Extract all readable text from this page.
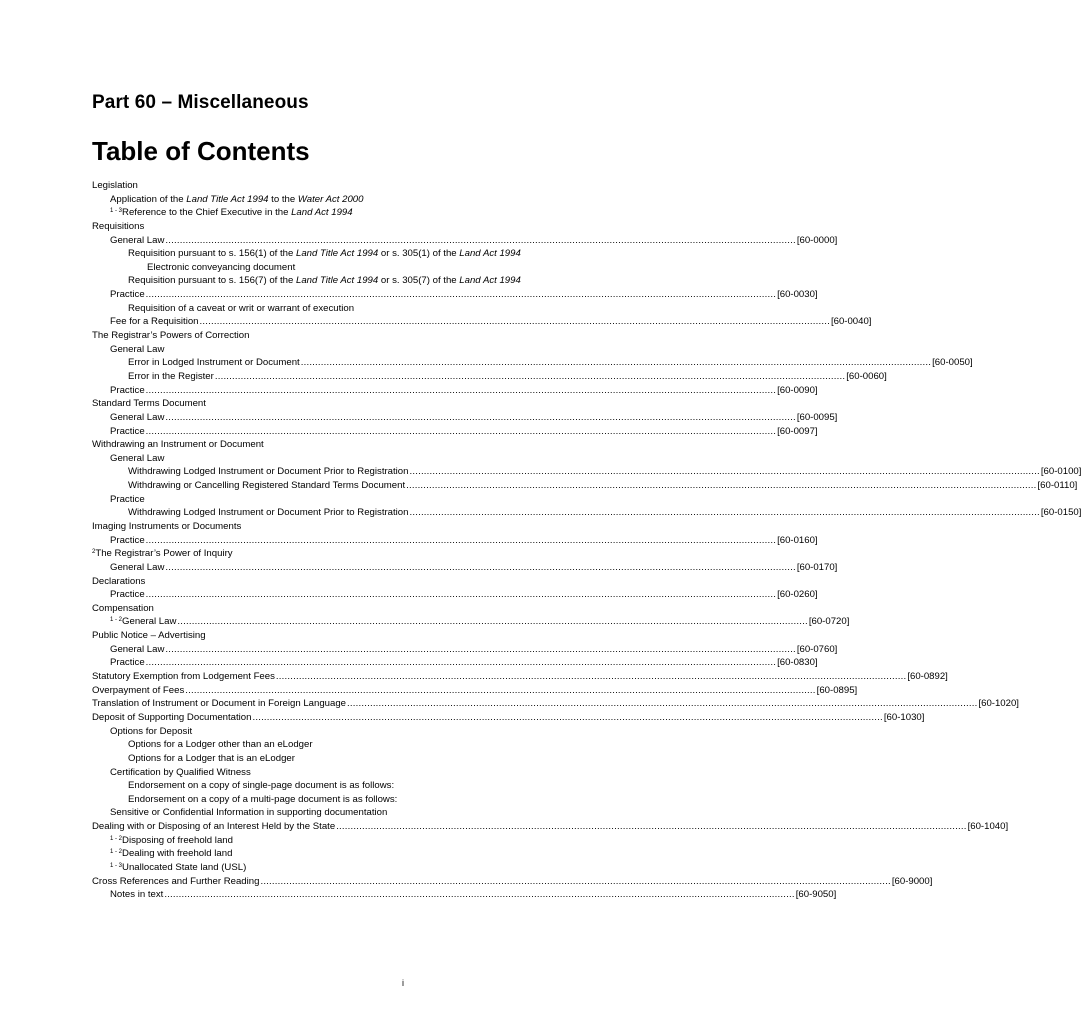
Part 60 – Miscellaneous
Table of Contents
Legislation
Application of the Land Title Act 1994 to the Water Act 2000
$^{1 - 3}$Reference to the Chief Executive in the Land Act 1994
Requisitions
General Law ............................................................................................................................................................................................................................ [60-0000]
Requisition pursuant to s. 156(1) of the Land Title Act 1994 or s. 305(1) of the Land Act 1994
Electronic conveyancing document
Requisition pursuant to s. 156(7) of the Land Title Act 1994 or s. 305(7) of the Land Act 1994
Practice ............................................................................................................................................................................................................................ [60-0030]
Requisition of a caveat or writ or warrant of execution
Fee for a Requisition ............................................................................................................................................................................................................................ [60-0040]
The Registrar’s Powers of Correction
General Law
Error in Lodged Instrument or Document ............................................................................................................................................................................................................................ [60-0050]
Error in the Register ............................................................................................................................................................................................................................ [60-0060]
Practice ............................................................................................................................................................................................................................ [60-0090]
Standard Terms Document
General Law ............................................................................................................................................................................................................................ [60-0095]
Practice ............................................................................................................................................................................................................................ [60-0097]
Withdrawing an Instrument or Document
General Law
Withdrawing Lodged Instrument or Document Prior to Registration ............................................................................................................................................................................................................................ [60-0100]
Withdrawing or Cancelling Registered Standard Terms Document ............................................................................................................................................................................................................................ [60-0110]
Practice
Withdrawing Lodged Instrument or Document Prior to Registration ............................................................................................................................................................................................................................ [60-0150]
Imaging Instruments or Documents
Practice ............................................................................................................................................................................................................................ [60-0160]
$^2$The Registrar’s Power of Inquiry
General Law ............................................................................................................................................................................................................................ [60-0170]
Declarations
Practice ............................................................................................................................................................................................................................ [60-0260]
Compensation
$^{1 - 2}$General Law ............................................................................................................................................................................................................................ [60-0720]
Public Notice – Advertising
General Law ............................................................................................................................................................................................................................ [60-0760]
Practice ............................................................................................................................................................................................................................ [60-0830]
Statutory Exemption from Lodgement Fees ............................................................................................................................................................................................................................ [60-0892]
Overpayment of Fees ............................................................................................................................................................................................................................ [60-0895]
Translation of Instrument or Document in Foreign Language ............................................................................................................................................................................................................................ [60-1020]
Deposit of Supporting Documentation ............................................................................................................................................................................................................................ [60-1030]
Options for Deposit
Options for a Lodger other than an eLodger
Options for a Lodger that is an eLodger
Certification by Qualified Witness
Endorsement on a copy of single-page document is as follows:
Endorsement on a copy of a multi-page document is as follows:
Sensitive or Confidential Information in supporting documentation
Dealing with or Disposing of an Interest Held by the State ............................................................................................................................................................................................................................ [60-1040]
$^{1 - 2}$Disposing of freehold land
$^{1 - 2}$Dealing with freehold land
$^{1 - 3}$Unallocated State land (USL)
Cross References and Further Reading ............................................................................................................................................................................................................................ [60-9000]
Notes in text ............................................................................................................................................................................................................................ [60-9050]
i
